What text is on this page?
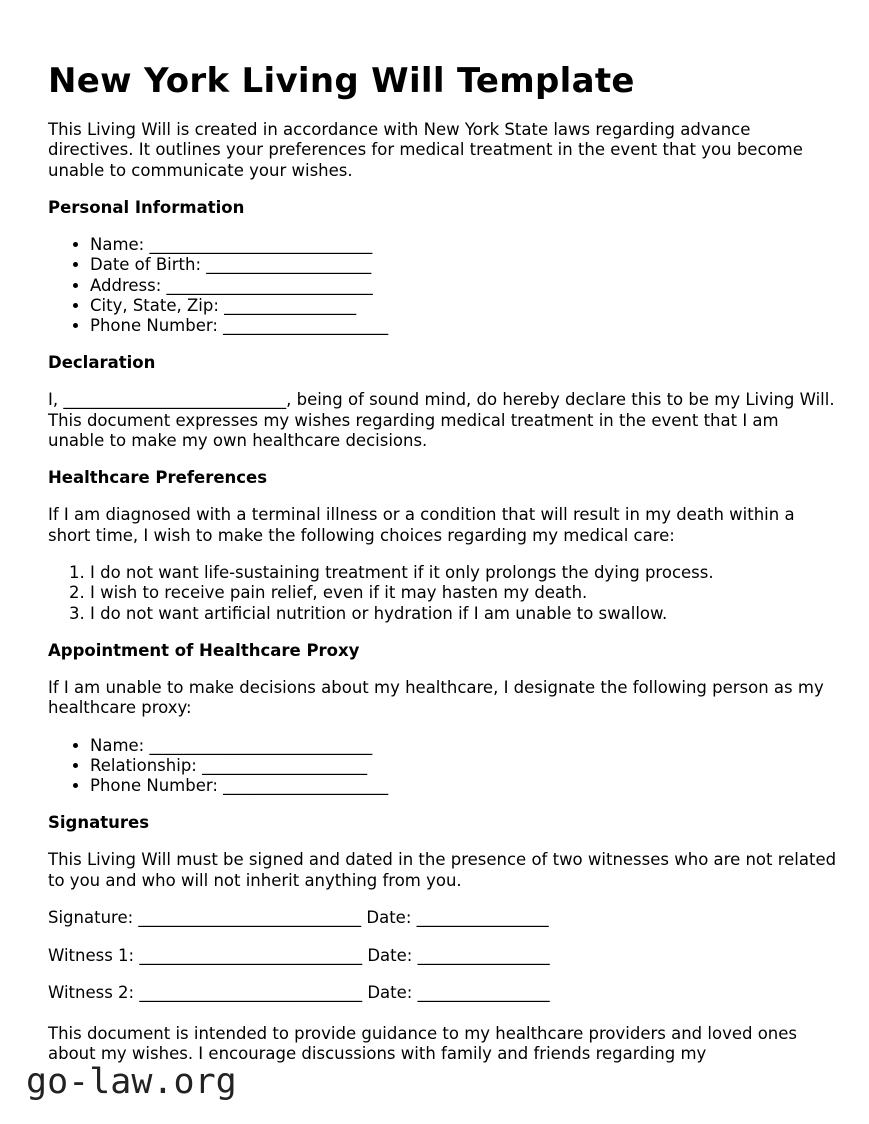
New York Living Will Template

This Living Will is created in accordance with New York State laws regarding advance directives. It outlines your preferences for medical treatment in the event that you become unable to communicate your wishes.

Personal Information
• Name: ___________________________
• Date of Birth: ____________________
• Address: _________________________
• City, State, Zip: ________________
• Phone Number: ____________________
Declaration

I, ___________________________, being of sound mind, do hereby declare this to be my Living Will. This document expresses my wishes regarding medical treatment in the event that I am unable to make my own healthcare decisions.

Healthcare Preferences

If I am diagnosed with a terminal illness or a condition that will result in my death within a short time, I wish to make the following choices regarding my medical care:

1. I do not want life-sustaining treatment if it only prolongs the dying process.
2. I wish to receive pain relief, even if it may hasten my death.
3. I do not want artificial nutrition or hydration if I am unable to swallow.
Appointment of Healthcare Proxy

If I am unable to make decisions about my healthcare, I designate the following person as my healthcare proxy:

• Name: ___________________________
• Relationship: ____________________
• Phone Number: ____________________
Signatures

This Living Will must be signed and dated in the presence of two witnesses who are not related to you and who will not inherit anything from you.

Signature: ___________________________ Date: ________________

Witness 1: ___________________________ Date: ________________

Witness 2: ___________________________ Date: ________________

This document is intended to provide guidance to my healthcare providers and loved ones about my wishes. I encourage discussions with family and friends regarding my

go-law.org
